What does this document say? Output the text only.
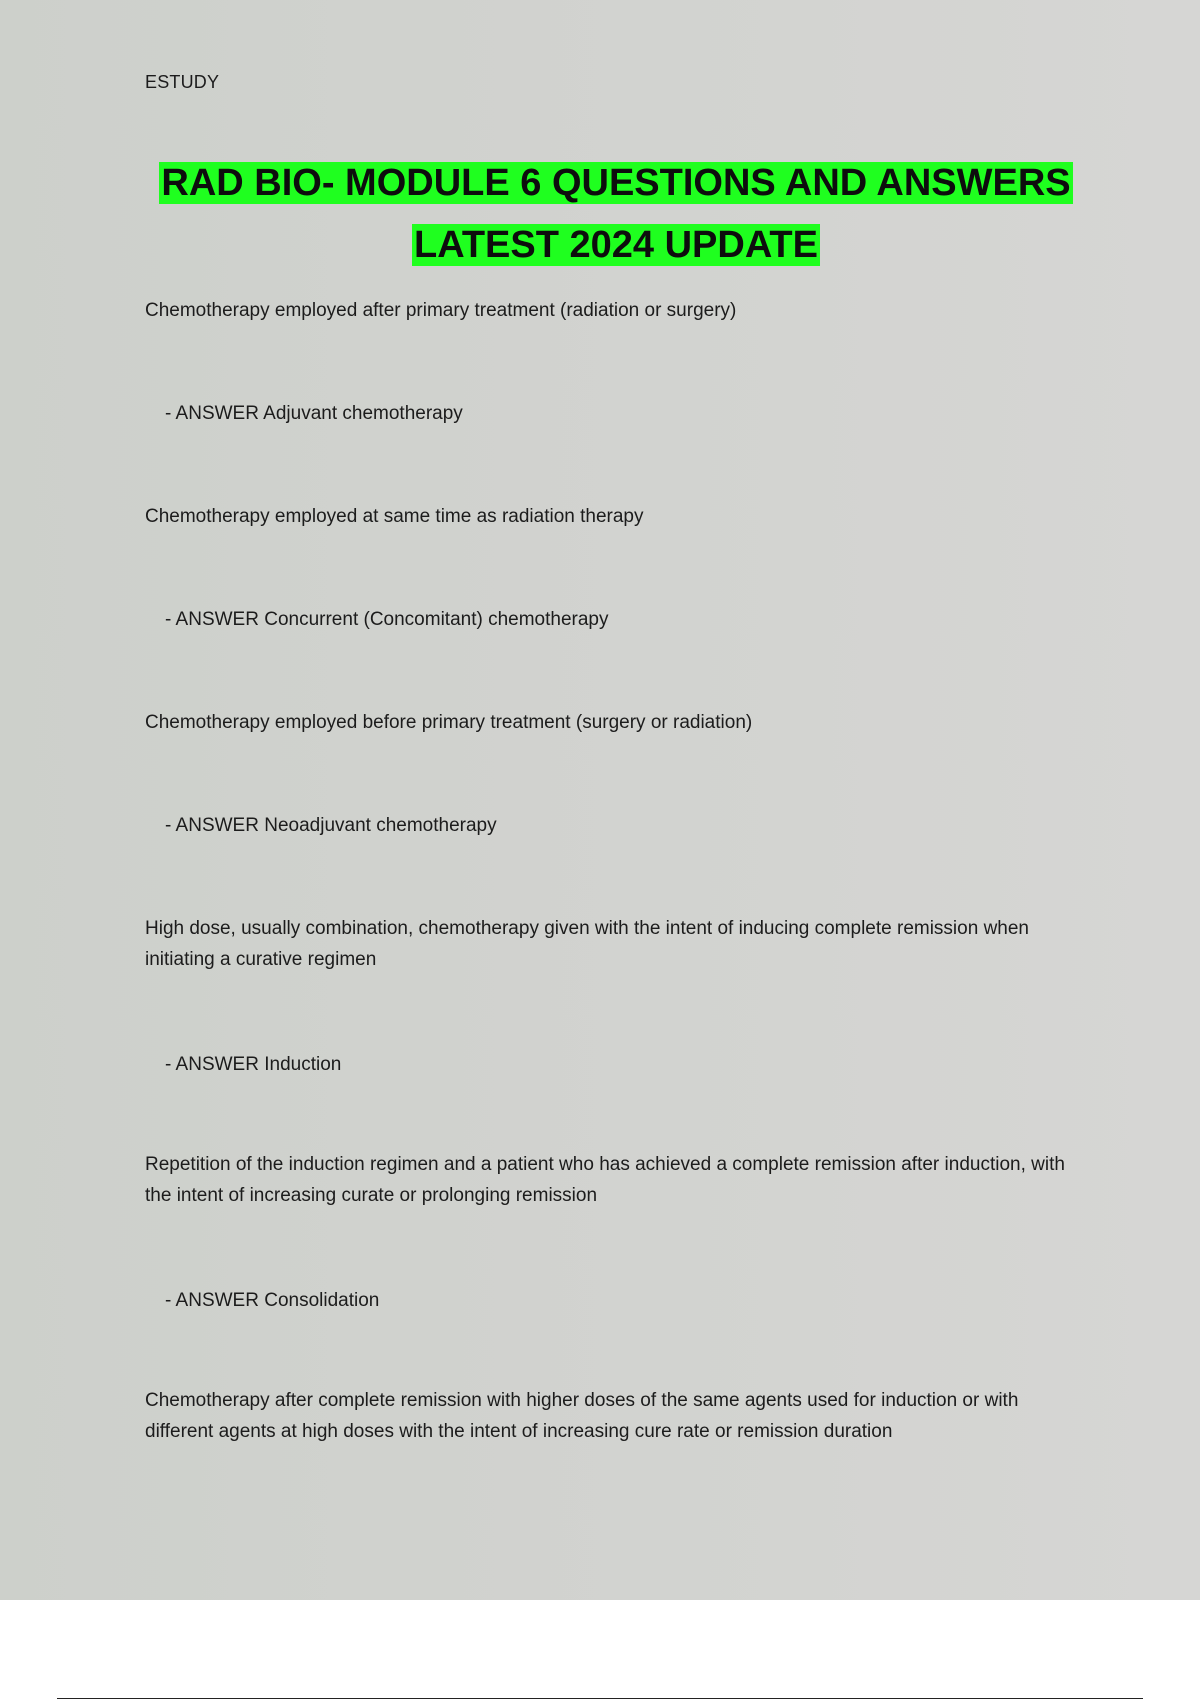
ESTUDY
RAD BIO- MODULE 6 QUESTIONS AND ANSWERS
LATEST 2024 UPDATE
Chemotherapy employed after primary treatment (radiation or surgery)
- ANSWER Adjuvant chemotherapy
Chemotherapy employed at same time as radiation therapy
- ANSWER Concurrent (Concomitant) chemotherapy
Chemotherapy employed before primary treatment (surgery or radiation)
- ANSWER Neoadjuvant chemotherapy
High dose, usually combination, chemotherapy given with the intent of inducing complete remission when initiating a curative regimen
- ANSWER Induction
Repetition of the induction regimen and a patient who has achieved a complete remission after induction, with the intent of increasing curate or prolonging remission
- ANSWER Consolidation
Chemotherapy after complete remission with higher doses of the same agents used for induction or with different agents at high doses with the intent of increasing cure rate or remission duration
